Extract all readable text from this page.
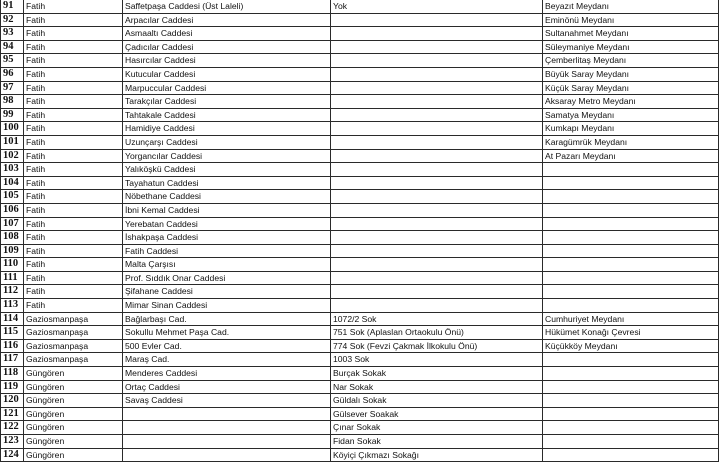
91	Fatih	Saffetpaşa Caddesi (Üst Laleli)	Yok	Beyazıt Meydanı
92	Fatih	Arpacılar Caddesi		Eminönü Meydanı
93	Fatih	Asmaaltı Caddesi		Sultanahmet Meydanı
94	Fatih	Çadıcılar Caddesi		Süleymaniye Meydanı
95	Fatih	Hasırcılar Caddesi		Çemberlitaş Meydanı
96	Fatih	Kutucular Caddesi		Büyük Saray Meydanı
97	Fatih	Marpuccular Caddesi		Küçük Saray Meydanı
98	Fatih	Tarakçılar Caddesi		Aksaray Metro Meydanı
99	Fatih	Tahtakale Caddesi		Samatya Meydanı
100	Fatih	Hamidiye Caddesi		Kumkapı Meydanı
101	Fatih	Uzunçarşı Caddesi		Karagümrük Meydanı
102	Fatih	Yorgancılar Caddesi		At Pazarı Meydanı
103	Fatih	Yalıköşkü Caddesi		
104	Fatih	Tayahatun Caddesi		
105	Fatih	Nöbethane Caddesi		
106	Fatih	İbni Kemal Caddesi		
107	Fatih	Yerebatan Caddesi		
108	Fatih	İshakpaşa Caddesi		
109	Fatih	Fatih Caddesi		
110	Fatih	Malta Çarşısı		
111	Fatih	Prof. Sıddık Onar Caddesi		
112	Fatih	Şifahane Caddesi		
113	Fatih	Mimar Sinan Caddesi		
114	Gaziosmanpaşa	Bağlarbaşı Cad.	1072/2 Sok	Cumhuriyet Meydanı
115	Gaziosmanpaşa	Sokullu Mehmet Paşa Cad.	751 Sok (Aplaslan Ortaokulu Önü)	Hükümet Konağı Çevresi
116	Gaziosmanpaşa	500 Evler Cad.	774 Sok (Fevzi Çakmak İlkokulu Önü)	Küçükköy Meydanı
117	Gaziosmanpaşa	Maraş Cad.	1003 Sok	
118	Güngören	Menderes Caddesi	Burçak Sokak	
119	Güngören	Ortaç Caddesi	Nar Sokak	
120	Güngören	Savaş Caddesi	Güldalı Sokak	
121	Güngören		Gülsever Soakak	
122	Güngören		Çınar Sokak	
123	Güngören		Fidan Sokak	
124	Güngören		Köyiçi Çıkmazı Sokağı	
